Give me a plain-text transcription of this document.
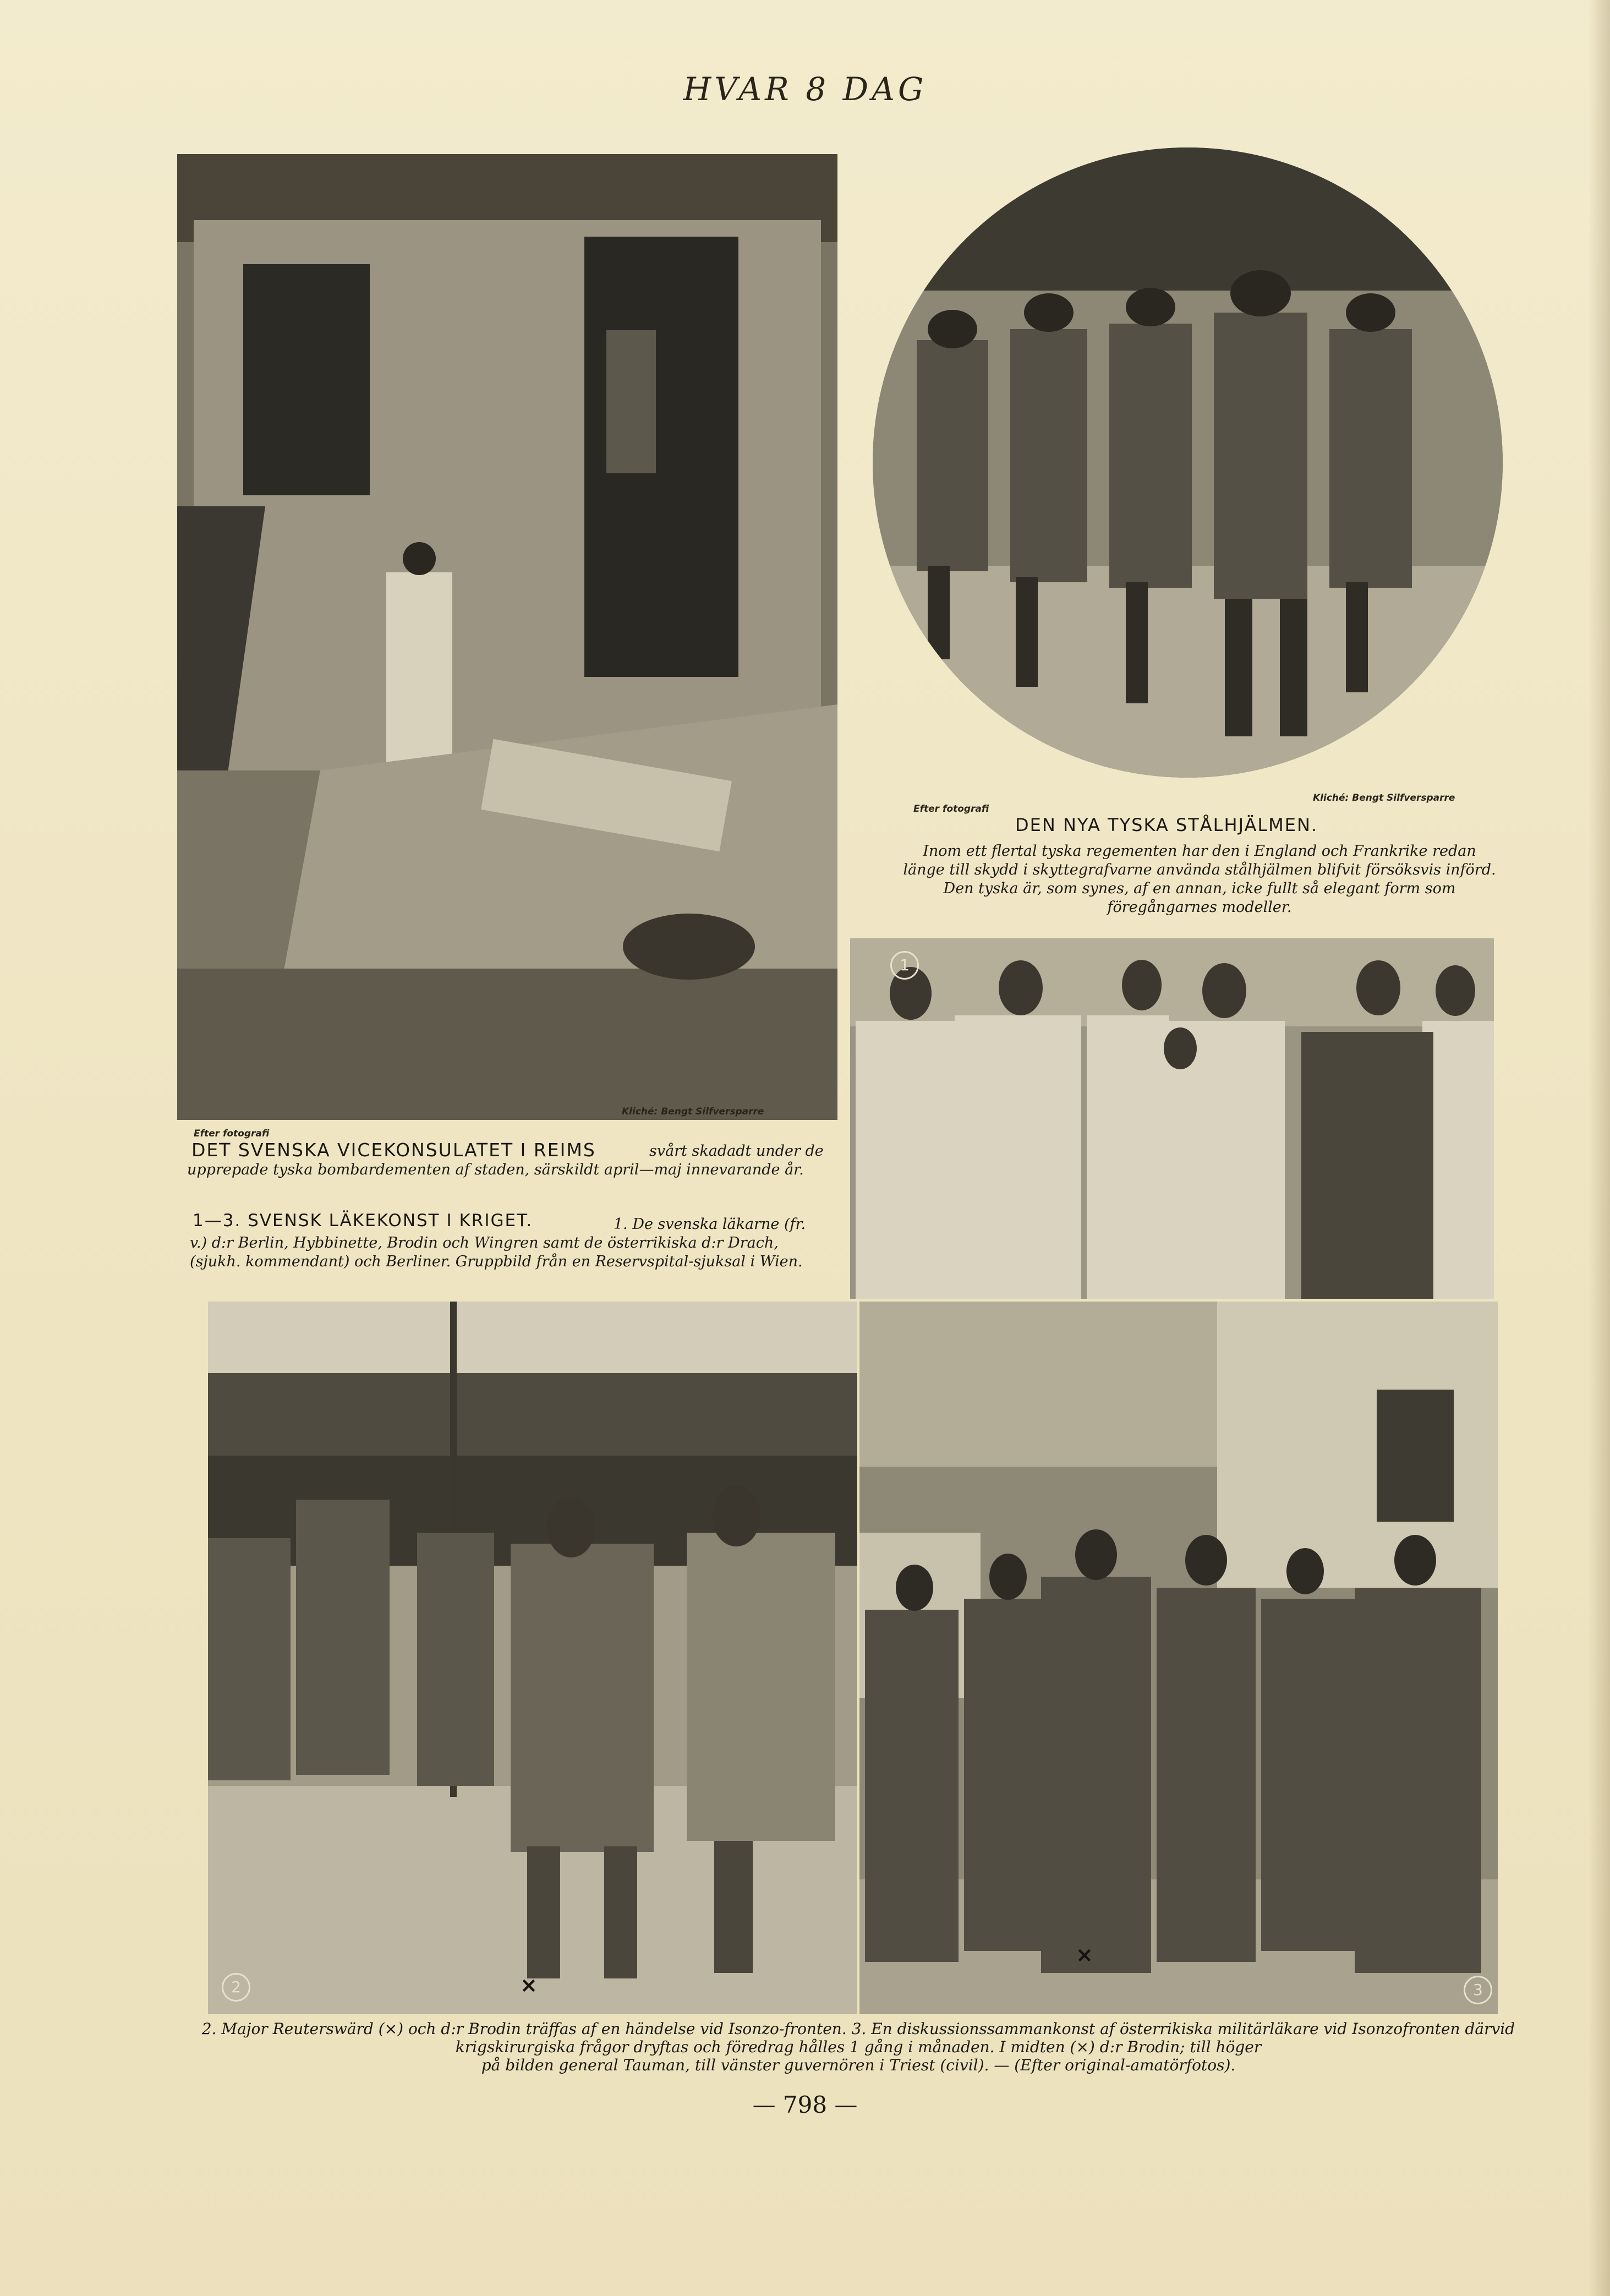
HVAR 8 DAG
Efter fotografi
Kliché: Bengt Silfversparre
DET SVENSKA VICEKONSULATET I REIMS	svårt skadadt under de upprepade tyska bombardementen af staden, särskildt april—maj innevarande år.
1—3. SVENSK LÄKEKONST I KRIGET.	1. De svenska läkarne (fr. v.) d:r Berlin, Hybbinette, Brodin och Wingren samt de österrikiska d:r Drach, (sjukh. kommendant) och Berliner. Gruppbild från en Reservspital-sjuksal i Wien.
Efter fotografi
Kliché: Bengt Silfversparre
DEN NYA TYSKA STÅLHJÄLMEN.
Inom ett flertal tyska regementen har den i England och Frankrike redan länge till skydd i skyttegrafvarne använda stålhjälmen blifvit försöksvis införd. Den tyska är, som synes, af en annan, icke fullt så elegant form som föregångarnes modeller.
1
2	×	3
×
2. Major Reuterswärd (×) och d:r Brodin träffas af en händelse vid Isonzo-fronten. 3. En diskussionssammankonst af österrikiska militärläkare vid Isonzofronten därvid krigskirurgiska frågor dryftas och föredrag hålles 1 gång i månaden. I midten (×) d:r Brodin; till höger
på bilden general Tauman, till vänster guvernören i Triest (civil). — (Efter original-amatörfotos).
— 798 —
